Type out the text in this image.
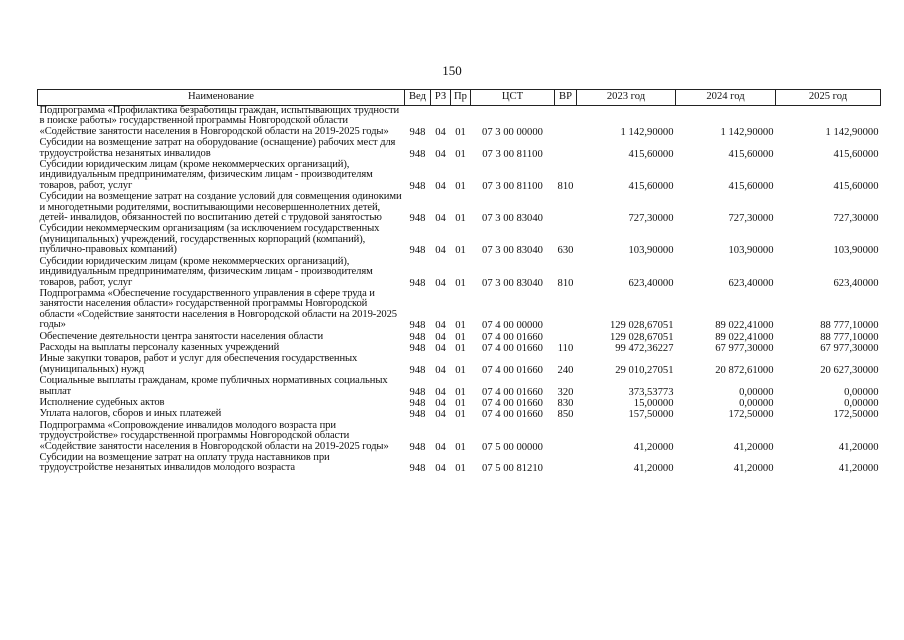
150
Наименование	Вед	РЗ	Пр	ЦСТ	ВР	2023 год	2024 год	2025 год
Подпрограмма «Профилактика безработицы граждан, испытывающих трудности в поиске работы» государственной программы Новгородской области «Содействие занятости населения в Новгородской области на 2019-2025 годы»	948	04	01	07 3 00 00000		1 142,90000	1 142,90000	1 142,90000
Субсидии на возмещение затрат на оборудование (оснащение) рабочих мест для трудоустройства незанятых инвалидов	948	04	01	07 3 00 81100		415,60000	415,60000	415,60000
Субсидии юридическим лицам (кроме некоммерческих организаций), индивидуальным предпринимателям, физическим лицам - производителям товаров, работ, услуг	948	04	01	07 3 00 81100	810	415,60000	415,60000	415,60000
Субсидии на возмещение затрат на создание условий для совмещения одинокими и многодетными родителями, воспитывающими несовершеннолетних детей, детей- инвалидов, обязанностей по воспитанию детей с трудовой занятостью	948	04	01	07 3 00 83040		727,30000	727,30000	727,30000
Субсидии некоммерческим организациям (за исключением государственных (муниципальных) учреждений, государственных корпораций (компаний), публично-правовых компаний)	948	04	01	07 3 00 83040	630	103,90000	103,90000	103,90000
Субсидии юридическим лицам (кроме некоммерческих организаций), индивидуальным предпринимателям, физическим лицам - производителям товаров, работ, услуг	948	04	01	07 3 00 83040	810	623,40000	623,40000	623,40000
Подпрограмма «Обеспечение государственного управления в сфере труда и занятости населения области» государственной программы Новгородской области «Содействие занятости населения в Новгородской области на 2019-2025 годы»	948	04	01	07 4 00 00000		129 028,67051	89 022,41000	88 777,10000
Обеспечение деятельности центра занятости населения области	948	04	01	07 4 00 01660		129 028,67051	89 022,41000	88 777,10000
Расходы на выплаты персоналу казенных учреждений	948	04	01	07 4 00 01660	110	99 472,36227	67 977,30000	67 977,30000
Иные закупки товаров, работ и услуг для обеспечения государственных (муниципальных) нужд	948	04	01	07 4 00 01660	240	29 010,27051	20 872,61000	20 627,30000
Социальные выплаты гражданам, кроме публичных нормативных социальных выплат	948	04	01	07 4 00 01660	320	373,53773	0,00000	0,00000
Исполнение судебных актов	948	04	01	07 4 00 01660	830	15,00000	0,00000	0,00000
Уплата налогов, сборов и иных платежей	948	04	01	07 4 00 01660	850	157,50000	172,50000	172,50000
Подпрограмма «Сопровождение инвалидов молодого возраста при трудоустройстве» государственной программы Новгородской области «Содействие занятости населения в Новгородской области на 2019-2025 годы»	948	04	01	07 5 00 00000		41,20000	41,20000	41,20000
Субсидии на возмещение затрат на оплату труда наставников при трудоустройстве незанятых инвалидов молодого возраста	948	04	01	07 5 00 81210		41,20000	41,20000	41,20000
